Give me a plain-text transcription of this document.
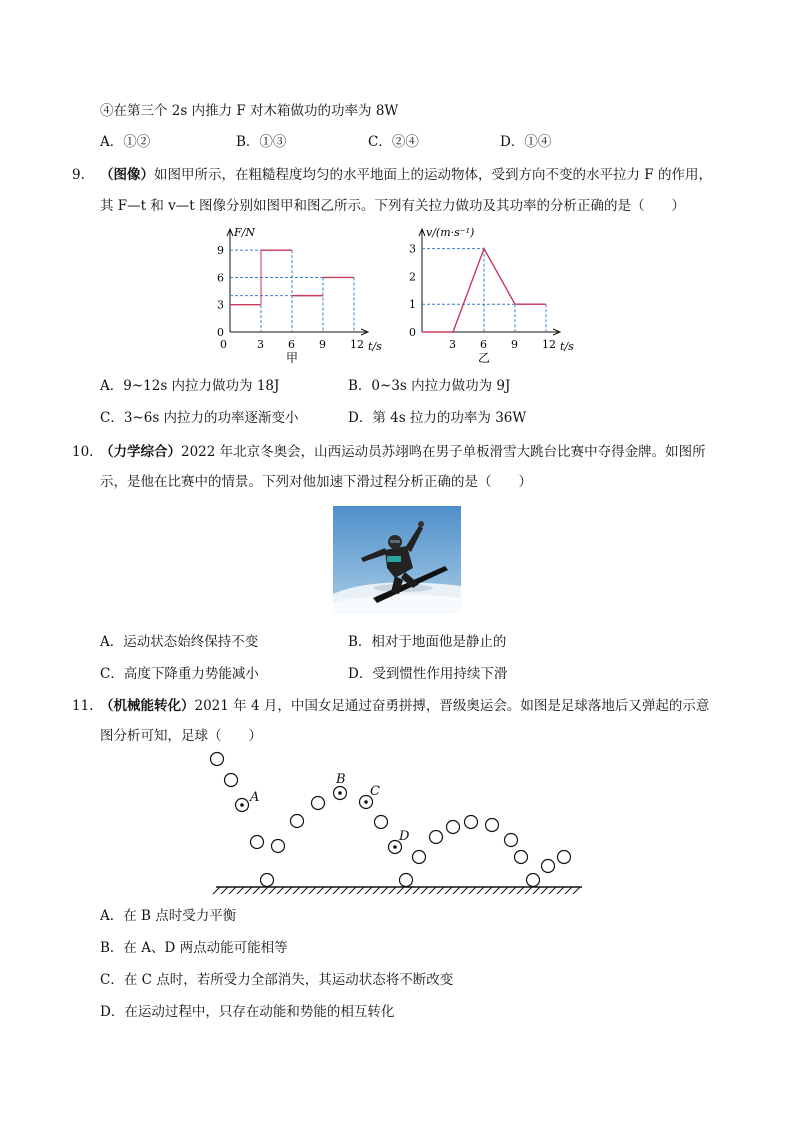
④在第三个 2s 内推力 F 对木箱做功的功率为 8W
A．①②	B．①③	C．②④	D．①④
9. （图像）如图甲所示，在粗糙程度均匀的水平地面上的运动物体，受到方向不变的水平拉力 F 的作用，
其 F—t 和 v—t 图像分别如图甲和图乙所示。下列有关拉力做功及其功率的分析正确的是（　　）
F/N
t/s
0	3 6 9 12
0
3
6
9
甲
v/(m·s⁻¹)
t/s
3 6 9 12
0
1
2
3
乙
A．9~12s 内拉力做功为 18J	B．0~3s 内拉力做功为 9J
C．3~6s 内拉力的功率逐渐变小	D．第 4s 拉力的功率为 36W
10. （力学综合）2022 年北京冬奥会，山西运动员苏翊鸣在男子单板滑雪大跳台比赛中夺得金牌。如图所
示，是他在比赛中的情景。下列对他加速下滑过程分析正确的是（　　）
A．运动状态始终保持不变	B．相对于地面他是静止的
C．高度下降重力势能减小	D．受到惯性作用持续下滑
11. （机械能转化）2021 年 4 月，中国女足通过奋勇拼搏，晋级奥运会。如图是足球落地后又弹起的示意
图分析可知，足球（　　）
A
B
C
D
A．在 B 点时受力平衡
B．在 A、D 两点动能可能相等
C．在 C 点时，若所受力全部消失，其运动状态将不断改变
D．在运动过程中，只存在动能和势能的相互转化
